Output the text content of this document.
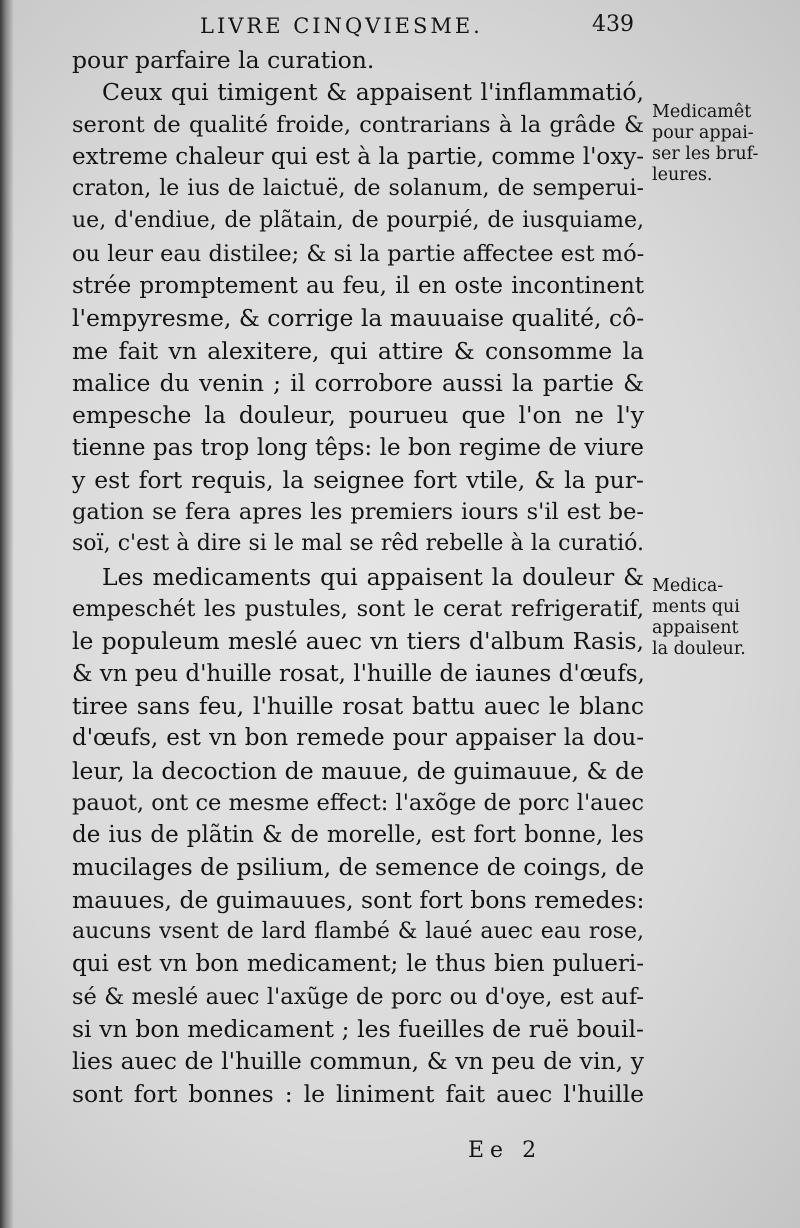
LIVRE CINQVIESME.	439
pour parfaire la curation.
Ceux qui timigent & appaisent l'inflammatió,
seront de qualité froide, contrarians à la grâde &
extreme chaleur qui est à la partie, comme l'oxy-
craton, le ius de laictuë, de solanum, de semperui-
ue, d'endiue, de plãtain, de pourpié, de iusquiame,
ou leur eau distilee; & si la partie affectee est mó-
strée promptement au feu, il en oste incontinent
l'empyresme, & corrige la mauuaise qualité, cô-
me fait vn alexitere, qui attire & consomme la
malice du venin ; il corrobore aussi la partie &
empesche la douleur, pourueu que l'on ne l'y
tienne pas trop long têps: le bon regime de viure
y est fort requis, la seignee fort vtile, & la pur-
gation se fera apres les premiers iours s'il est be-
soï, c'est à dire si le mal se rêd rebelle à la curatió.
Les medicaments qui appaisent la douleur &
empeschét les pustules, sont le cerat refrigeratif,
le populeum meslé auec vn tiers d'album Rasis,
& vn peu d'huille rosat, l'huille de iaunes d'œufs,
tiree sans feu, l'huille rosat battu auec le blanc
d'œufs, est vn bon remede pour appaiser la dou-
leur, la decoction de mauue, de guimauue, & de
pauot, ont ce mesme effect: l'axõge de porc l'auec
de ius de plãtin & de morelle, est fort bonne, les
mucilages de psilium, de semence de coings, de
mauues, de guimauues, sont fort bons remedes:
aucuns vsent de lard flambé & laué auec eau rose,
qui est vn bon medicament; le thus bien pulueri-
sé & meslé auec l'axũge de porc ou d'oye, est auf-
si vn bon medicament ; les fueilles de ruë bouil-
lies auec de l'huille commun, & vn peu de vin, y
sont fort bonnes : le liniment fait auec l'huille
Medicamêt
pour appai-
ser les bruf-
leures.
Medica-
ments qui
appaisent
la douleur.
Ee 2
